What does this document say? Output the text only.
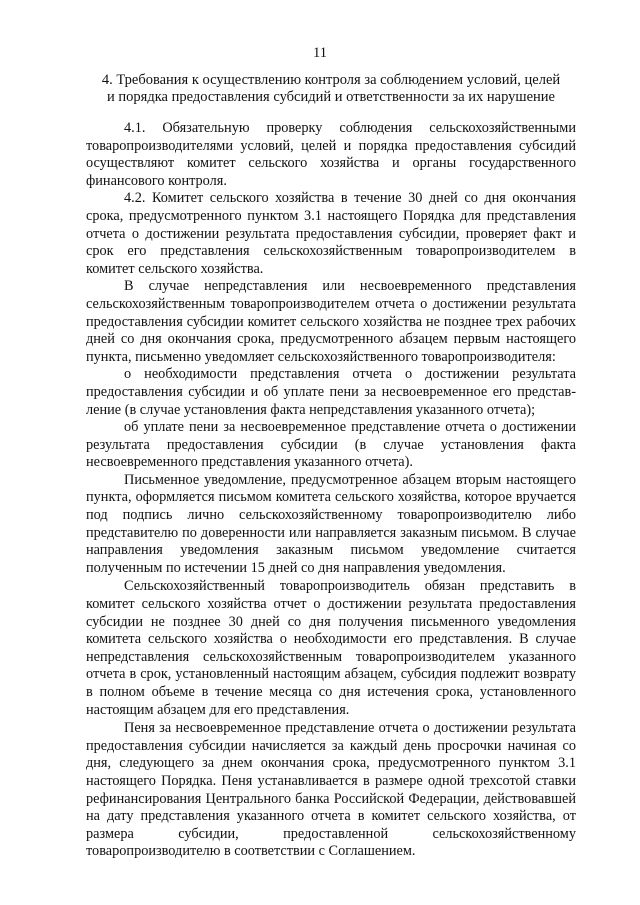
11
4. Требования к осуществлению контроля за соблюдением условий, целей
и порядка предоставления субсидий и ответственности за их нарушение

4.1. Обязательную проверку соблюдения сельскохозяйственными товаропроизводителями условий, целей и порядка предоставления субсидий осуществляют комитет сельского хозяйства и органы государственного финансового контроля.

4.2. Комитет сельского хозяйства в течение 30 дней со дня окончания срока, предусмотренного пунктом 3.1 настоящего Порядка для представления отчета о достижении результата предоставления субсидии, проверяет факт и срок его представления сельскохозяйственным товаропроизводителем в комитет сельского хозяйства.

В случае непредставления или несвоевременного представления сельскохозяйственным товаропроизводителем отчета о достижении результата предоставления субсидии комитет сельского хозяйства не позднее трех рабочих дней со дня окончания срока, предусмотренного абзацем первым настоящего пункта, письменно уведомляет сельскохозяйственного товаропроизводителя:

о необходимости представления отчета о достижении результата предоставления субсидии и об уплате пени за несвоевременное его представление (в случае установления факта непредставления указанного отчета);

об уплате пени за несвоевременное представление отчета о достижении результата предоставления субсидии (в случае установления факта несвоевременного представления указанного отчета).

Письменное уведомление, предусмотренное абзацем вторым настоящего пункта, оформляется письмом комитета сельского хозяйства, которое вручается под подпись лично сельскохозяйственному товаропроизводителю либо представителю по доверенности или направляется заказным письмом. В случае направления уведомления заказным письмом уведомление считается полученным по истечении 15 дней со дня направления уведомления.

Сельскохозяйственный товаропроизводитель обязан представить в комитет сельского хозяйства отчет о достижении результата предоставления субсидии не позднее 30 дней со дня получения письменного уведомления комитета сельского хозяйства о необходимости его представления. В случае непредставления сельскохозяйственным товаропроизводителем указанного отчета в срок, установленный настоящим абзацем, субсидия подлежит возврату в полном объеме в течение месяца со дня истечения срока, установленного настоящим абзацем для его представления.

Пеня за несвоевременное представление отчета о достижении результата предоставления субсидии начисляется за каждый день просрочки начиная со дня, следующего за днем окончания срока, предусмотренного пунктом 3.1 настоящего Порядка. Пеня устанавливается в размере одной трехсотой ставки рефинансирования Центрального банка Российской Федерации, действовавшей на дату представления указанного отчета в комитет сельского хозяйства, от размера субсидии, предоставленной сельскохозяйственному товаропроизводителю в соответствии с Соглашением.
